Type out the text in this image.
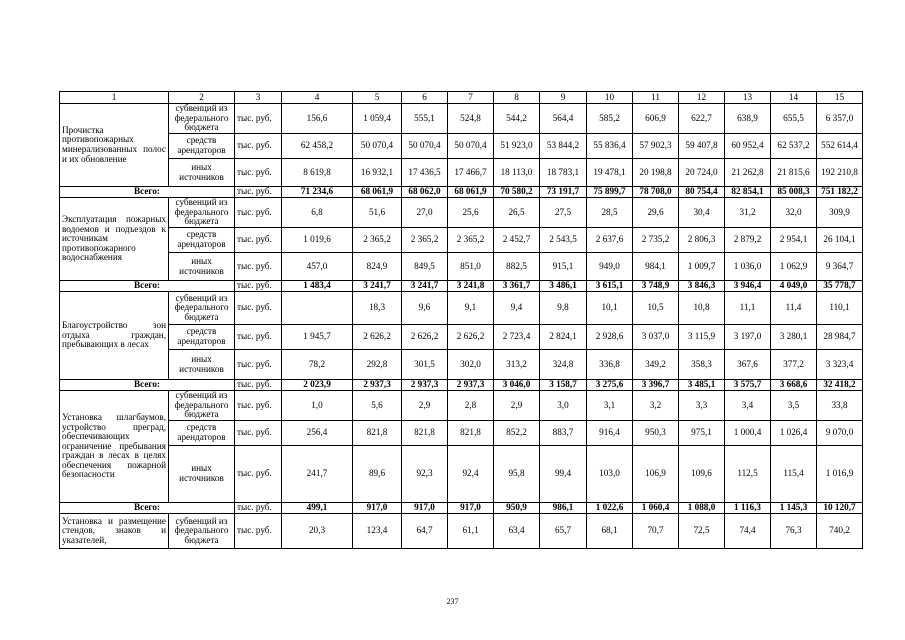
1	2	3	4	5	6	7	8	9	10	11	12	13	14	15
Прочистка противопожарных минерализованных полос и их обновление	субвенций из федерального бюджета	тыс. руб.	156,6	1 059,4	555,1	524,8	544,2	564,4	585,2	606,9	622,7	638,9	655,5	6 357,0
	средств арендаторов	тыс. руб.	62 458,2	50 070,4	50 070,4	50 070,4	51 923,0	53 844,2	55 836,4	57 902,3	59 407,8	60 952,4	62 537,2	552 614,4
	иных источников	тыс. руб.	8 619,8	16 932,1	17 436,5	17 466,7	18 113,0	18 783,1	19 478,1	20 198,8	20 724,0	21 262,8	21 815,6	192 210,8
Всего:		тыс. руб.	71 234,6	68 061,9	68 062,0	68 061,9	70 580,2	73 191,7	75 899,7	78 708,0	80 754,4	82 854,1	85 008,3	751 182,2
Эксплуатация пожарных водоемов и подъездов к источникам противопожарного водоснабжения	субвенций из федерального бюджета	тыс. руб.	6,8	51,6	27,0	25,6	26,5	27,5	28,5	29,6	30,4	31,2	32,0	309,9
	средств арендаторов	тыс. руб.	1 019,6	2 365,2	2 365,2	2 365,2	2 452,7	2 543,5	2 637,6	2 735,2	2 806,3	2 879,2	2 954,1	26 104,1
	иных источников	тыс. руб.	457,0	824,9	849,5	851,0	882,5	915,1	949,0	984,1	1 009,7	1 036,0	1 062,9	9 364,7
Всего:		тыс. руб.	1 483,4	3 241,7	3 241,7	3 241,8	3 361,7	3 486,1	3 615,1	3 748,9	3 846,3	3 946,4	4 049,0	35 778,7
Благоустройство зон отдыха граждан, пребывающих в лесах	субвенций из федерального бюджета	тыс. руб.		18,3	9,6	9,1	9,4	9,8	10,1	10,5	10,8	11,1	11,4	110,1
	средств арендаторов	тыс. руб.	1 945,7	2 626,2	2 626,2	2 626,2	2 723,4	2 824,1	2 928,6	3 037,0	3 115,9	3 197,0	3 280,1	28 984,7
	иных источников	тыс. руб.	78,2	292,8	301,5	302,0	313,2	324,8	336,8	349,2	358,3	367,6	377,2	3 323,4
Всего:		тыс. руб.	2 023,9	2 937,3	2 937,3	2 937,3	3 046,0	3 158,7	3 275,6	3 396,7	3 485,1	3 575,7	3 668,6	32 418,2
Установка шлагбаумов, устройство преград, обеспечивающих ограничение пребывания граждан в лесах в целях обеспечения пожарной безопасности	субвенций из федерального бюджета	тыс. руб.	1,0	5,6	2,9	2,8	2,9	3,0	3,1	3,2	3,3	3,4	3,5	33,8
	средств арендаторов	тыс. руб.	256,4	821,8	821,8	821,8	852,2	883,7	916,4	950,3	975,1	1 000,4	1 026,4	9 070,0
	иных источников	тыс. руб.	241,7	89,6	92,3	92,4	95,8	99,4	103,0	106,9	109,6	112,5	115,4	1 016,9
Всего:		тыс. руб.	499,1	917,0	917,0	917,0	950,9	986,1	1 022,6	1 060,4	1 088,0	1 116,3	1 145,3	10 120,7
Установка и размещение стендов, знаков и указателей,	субвенций из федерального бюджета	тыс. руб.	20,3	123,4	64,7	61,1	63,4	65,7	68,1	70,7	72,5	74,4	76,3	740,2
237
